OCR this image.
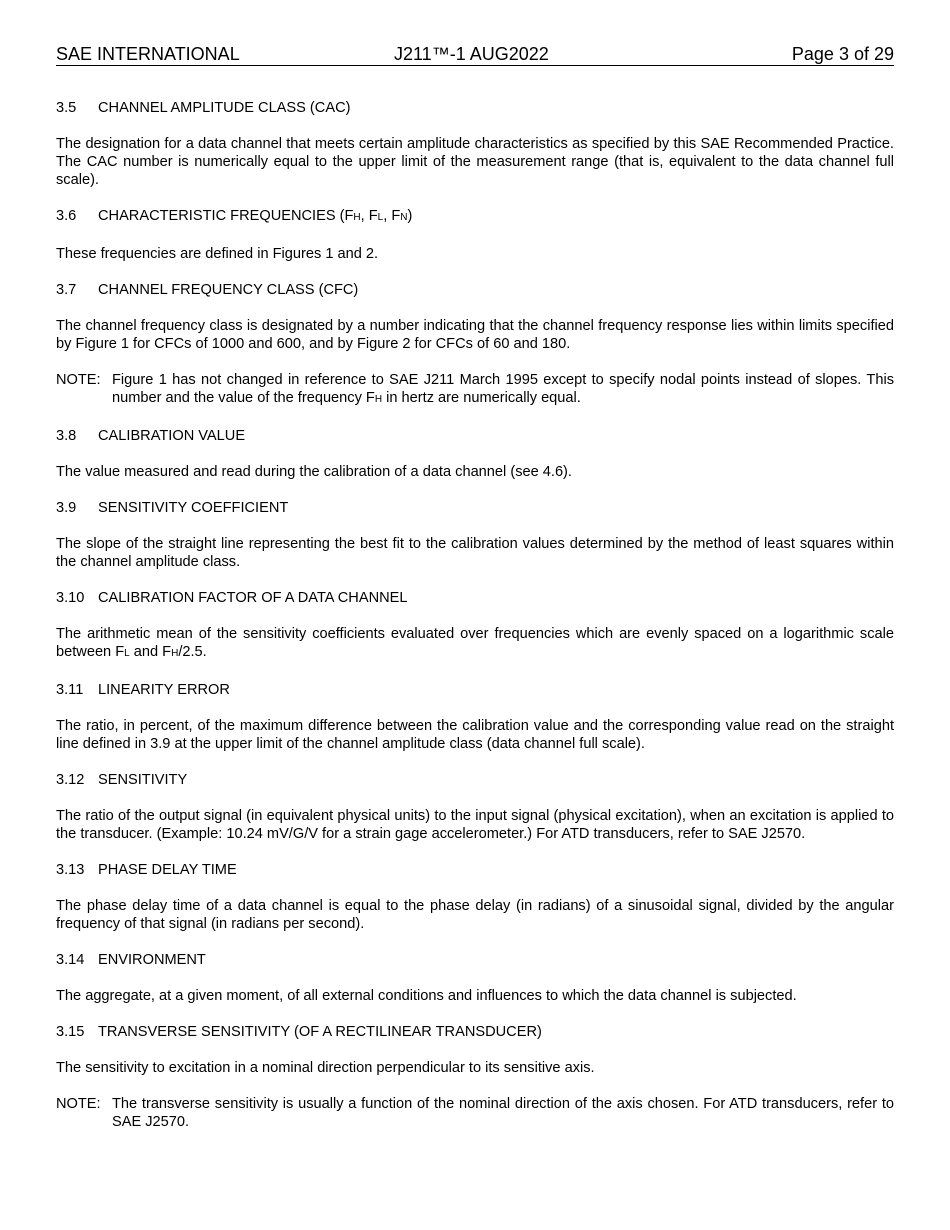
SAE INTERNATIONAL	J211™-1 AUG2022	Page 3 of 29
3.5	CHANNEL AMPLITUDE CLASS (CAC)

The designation for a data channel that meets certain amplitude characteristics as specified by this SAE Recommended Practice. The CAC number is numerically equal to the upper limit of the measurement range (that is, equivalent to the data channel full scale).

3.6	CHARACTERISTIC FREQUENCIES (FH, FL, FN)

These frequencies are defined in Figures 1 and 2.

3.7	CHANNEL FREQUENCY CLASS (CFC)

The channel frequency class is designated by a number indicating that the channel frequency response lies within limits specified by Figure 1 for CFCs of 1000 and 600, and by Figure 2 for CFCs of 60 and 180.

NOTE: Figure 1 has not changed in reference to SAE J211 March 1995 except to specify nodal points instead of slopes. This number and the value of the frequency FH in hertz are numerically equal.
3.8	CALIBRATION VALUE

The value measured and read during the calibration of a data channel (see 4.6).

3.9	SENSITIVITY COEFFICIENT

The slope of the straight line representing the best fit to the calibration values determined by the method of least squares within the channel amplitude class.

3.10 CALIBRATION FACTOR OF A DATA CHANNEL

The arithmetic mean of the sensitivity coefficients evaluated over frequencies which are evenly spaced on a logarithmic scale between FL and FH/2.5.

3.11	LINEARITY ERROR

The ratio, in percent, of the maximum difference between the calibration value and the corresponding value read on the straight line defined in 3.9 at the upper limit of the channel amplitude class (data channel full scale).

3.12 SENSITIVITY

The ratio of the output signal (in equivalent physical units) to the input signal (physical excitation), when an excitation is applied to the transducer. (Example: 10.24 mV/G/V for a strain gage accelerometer.) For ATD transducers, refer to SAE J2570.

3.13 PHASE DELAY TIME

The phase delay time of a data channel is equal to the phase delay (in radians) of a sinusoidal signal, divided by the angular frequency of that signal (in radians per second).

3.14 ENVIRONMENT

The aggregate, at a given moment, of all external conditions and influences to which the data channel is subjected.

3.15 TRANSVERSE SENSITIVITY (OF A RECTILINEAR TRANSDUCER)

The sensitivity to excitation in a nominal direction perpendicular to its sensitive axis.

NOTE: The transverse sensitivity is usually a function of the nominal direction of the axis chosen. For ATD transducers, refer to SAE J2570.
